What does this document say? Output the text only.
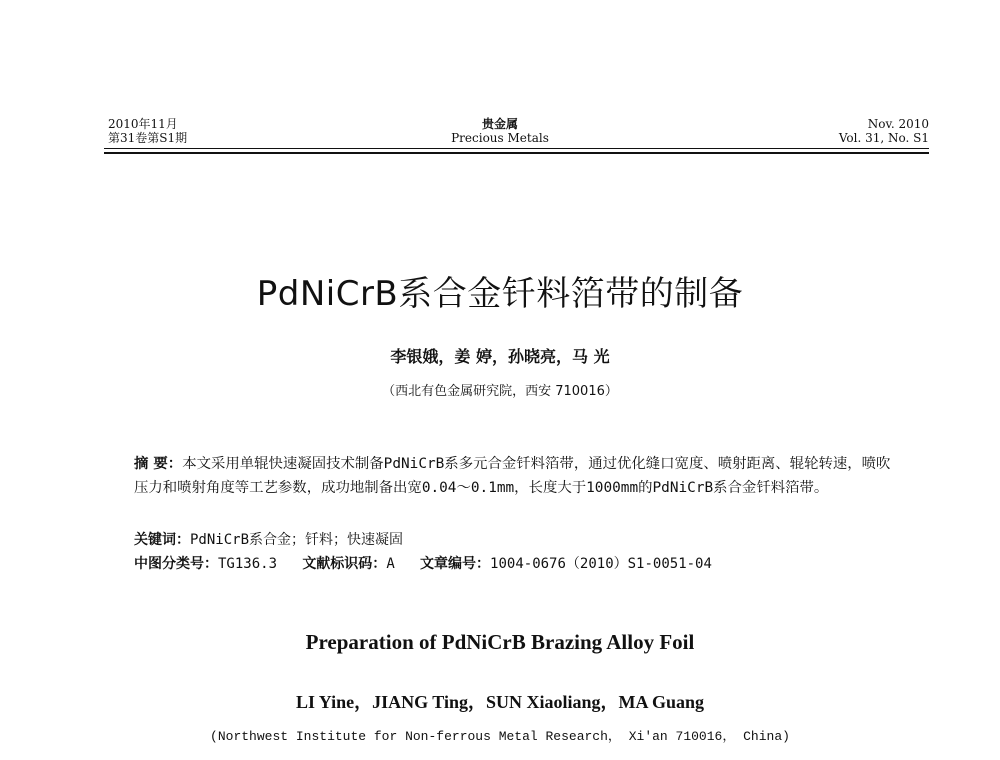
2010年11月
第31卷第S1期
贵金属
Precious Metals
Nov. 2010
Vol. 31, No. S1
PdNiCrB系合金钎料箔带的制备
李银娥，姜 婷，孙晓亮，马 光
（西北有色金属研究院，西安 710016）
摘 要：本文采用单辊快速凝固技术制备PdNiCrB系多元合金钎料箔带，通过优化缝口宽度、喷射距离、辊轮转速，喷吹压力和喷射角度等工艺参数，成功地制备出宽0.04～0.1mm，长度大于1000mm的PdNiCrB系合金钎料箔带。
关键词：PdNiCrB系合金；钎料；快速凝固
中图分类号：TG136.3 文献标识码：A 文章编号：1004-0676（2010）S1-0051-04
Preparation of PdNiCrB Brazing Alloy Foil
LI Yine，JIANG Ting，SUN Xiaoliang，MA Guang
(Northwest Institute for Non-ferrous Metal Research， Xi'an 710016， China)
